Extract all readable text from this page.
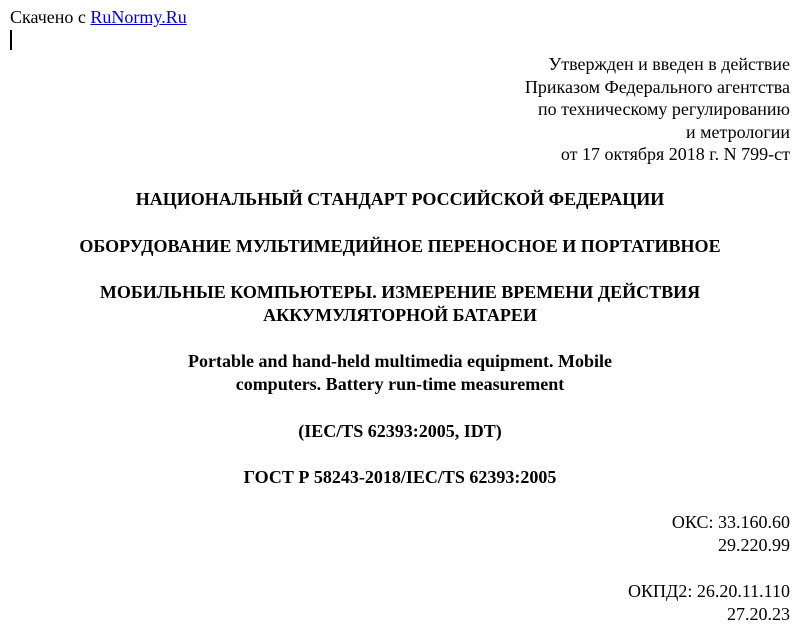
Скачено с RuNormy.Ru
Утвержден и введен в действие
Приказом Федерального агентства
по техническому регулированию
и метрологии
от 17 октября 2018 г. N 799-ст
НАЦИОНАЛЬНЫЙ СТАНДАРТ РОССИЙСКОЙ ФЕДЕРАЦИИ
ОБОРУДОВАНИЕ МУЛЬТИМЕДИЙНОЕ ПЕРЕНОСНОЕ И ПОРТАТИВНОЕ
МОБИЛЬНЫЕ КОМПЬЮТЕРЫ. ИЗМЕРЕНИЕ ВРЕМЕНИ ДЕЙСТВИЯ
АККУМУЛЯТОРНОЙ БАТАРЕИ
Portable and hand-held multimedia equipment. Mobile
computers. Battery run-time measurement
(IEC/TS 62393:2005, IDT)
ГОСТ Р 58243-2018/IEC/TS 62393:2005
ОКС: 33.160.60
29.220.99
ОКПД2: 26.20.11.110
27.20.23
